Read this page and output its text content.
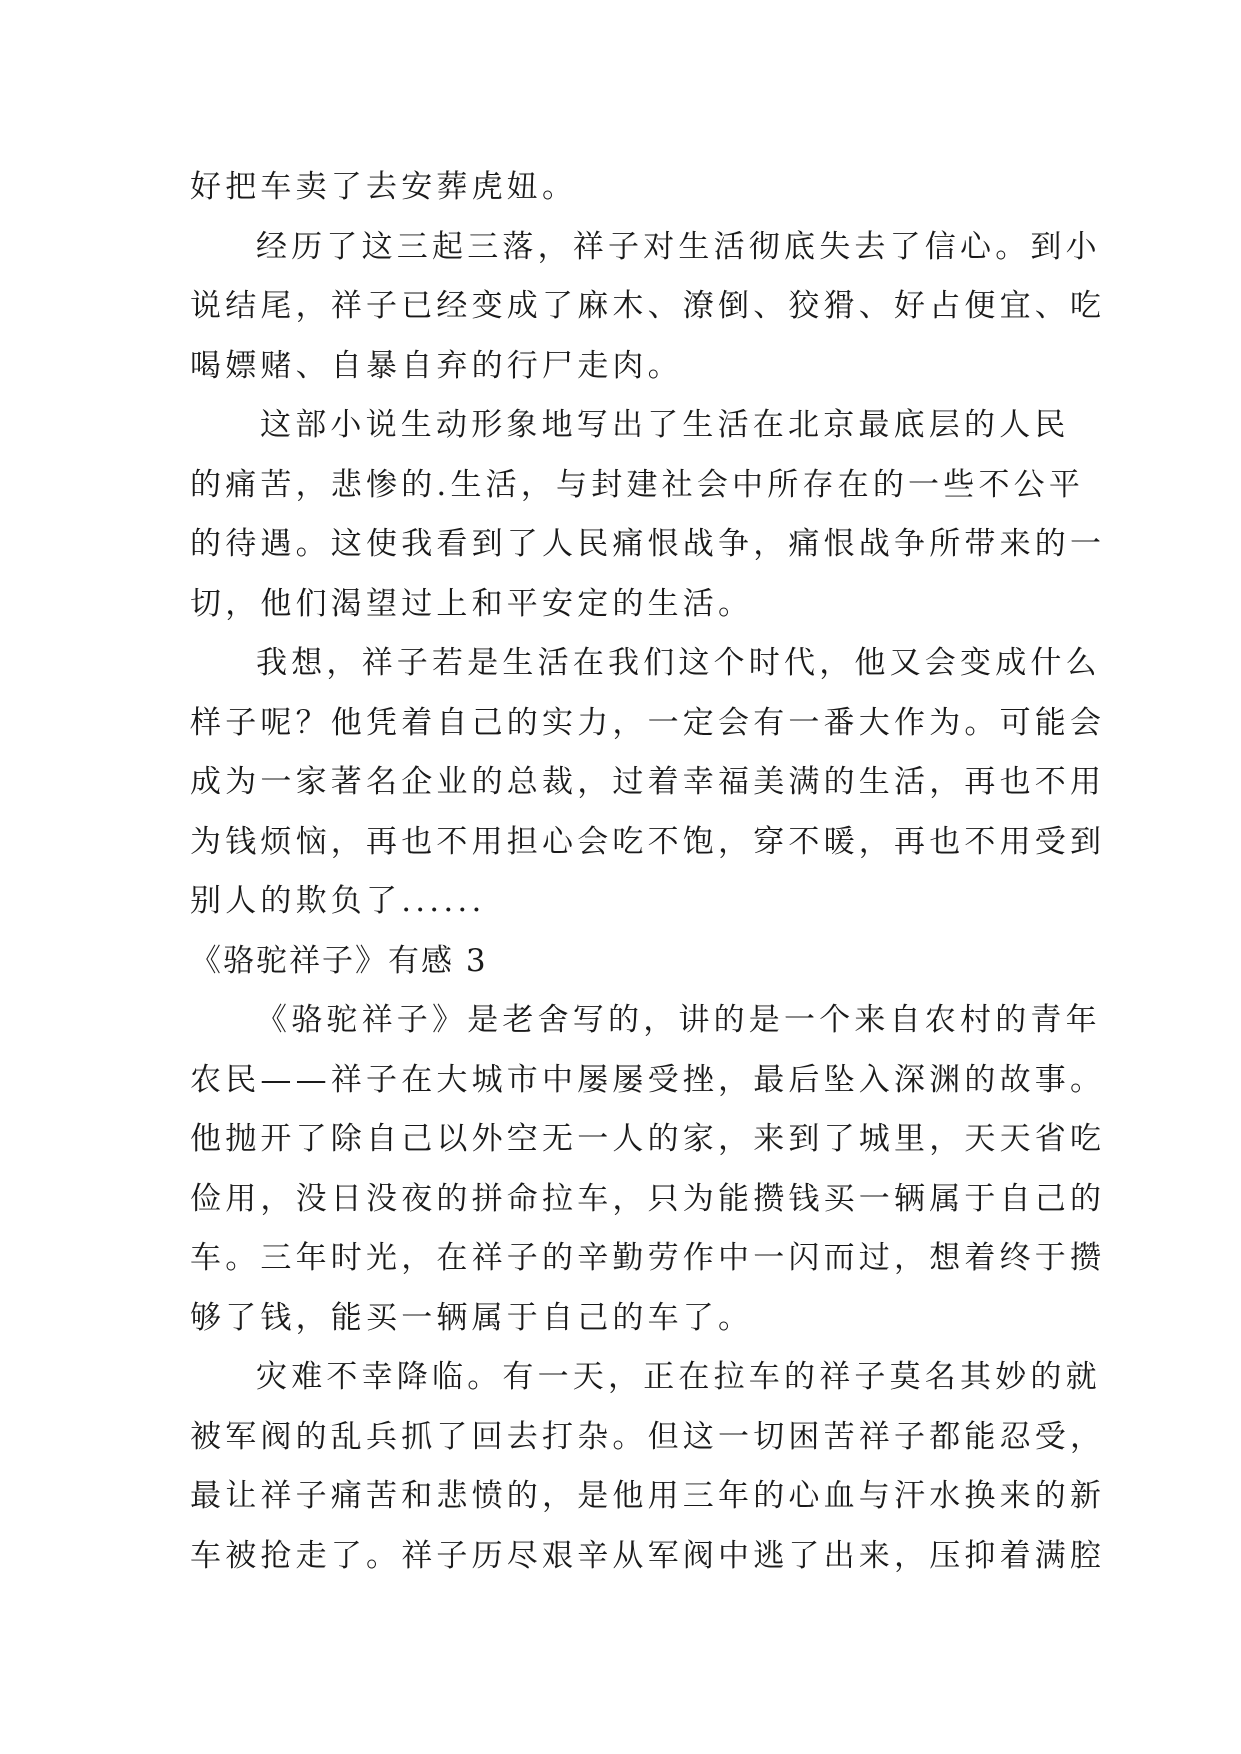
好把车卖了去安葬虎妞。
经历了这三起三落，祥子对生活彻底失去了信心。到小
说结尾，祥子已经变成了麻木、潦倒、狡猾、好占便宜、吃
喝嫖赌、自暴自弃的行尸走肉。
这部小说生动形象地写出了生活在北京最底层的人民
的痛苦，悲惨的.生活，与封建社会中所存在的一些不公平
的待遇。这使我看到了人民痛恨战争，痛恨战争所带来的一
切，他们渴望过上和平安定的生活。
我想，祥子若是生活在我们这个时代，他又会变成什么
样子呢？他凭着自己的实力，一定会有一番大作为。可能会
成为一家著名企业的总裁，过着幸福美满的生活，再也不用
为钱烦恼，再也不用担心会吃不饱，穿不暖，再也不用受到
别人的欺负了......
《骆驼祥子》有感 3
《骆驼祥子》是老舍写的，讲的是一个来自农村的青年
农民——祥子在大城市中屡屡受挫，最后坠入深渊的故事。
他抛开了除自己以外空无一人的家，来到了城里，天天省吃
俭用，没日没夜的拼命拉车，只为能攒钱买一辆属于自己的
车。三年时光，在祥子的辛勤劳作中一闪而过，想着终于攒
够了钱，能买一辆属于自己的车了。
灾难不幸降临。有一天，正在拉车的祥子莫名其妙的就
被军阀的乱兵抓了回去打杂。但这一切困苦祥子都能忍受，
最让祥子痛苦和悲愤的，是他用三年的心血与汗水换来的新
车被抢走了。祥子历尽艰辛从军阀中逃了出来，压抑着满腔
